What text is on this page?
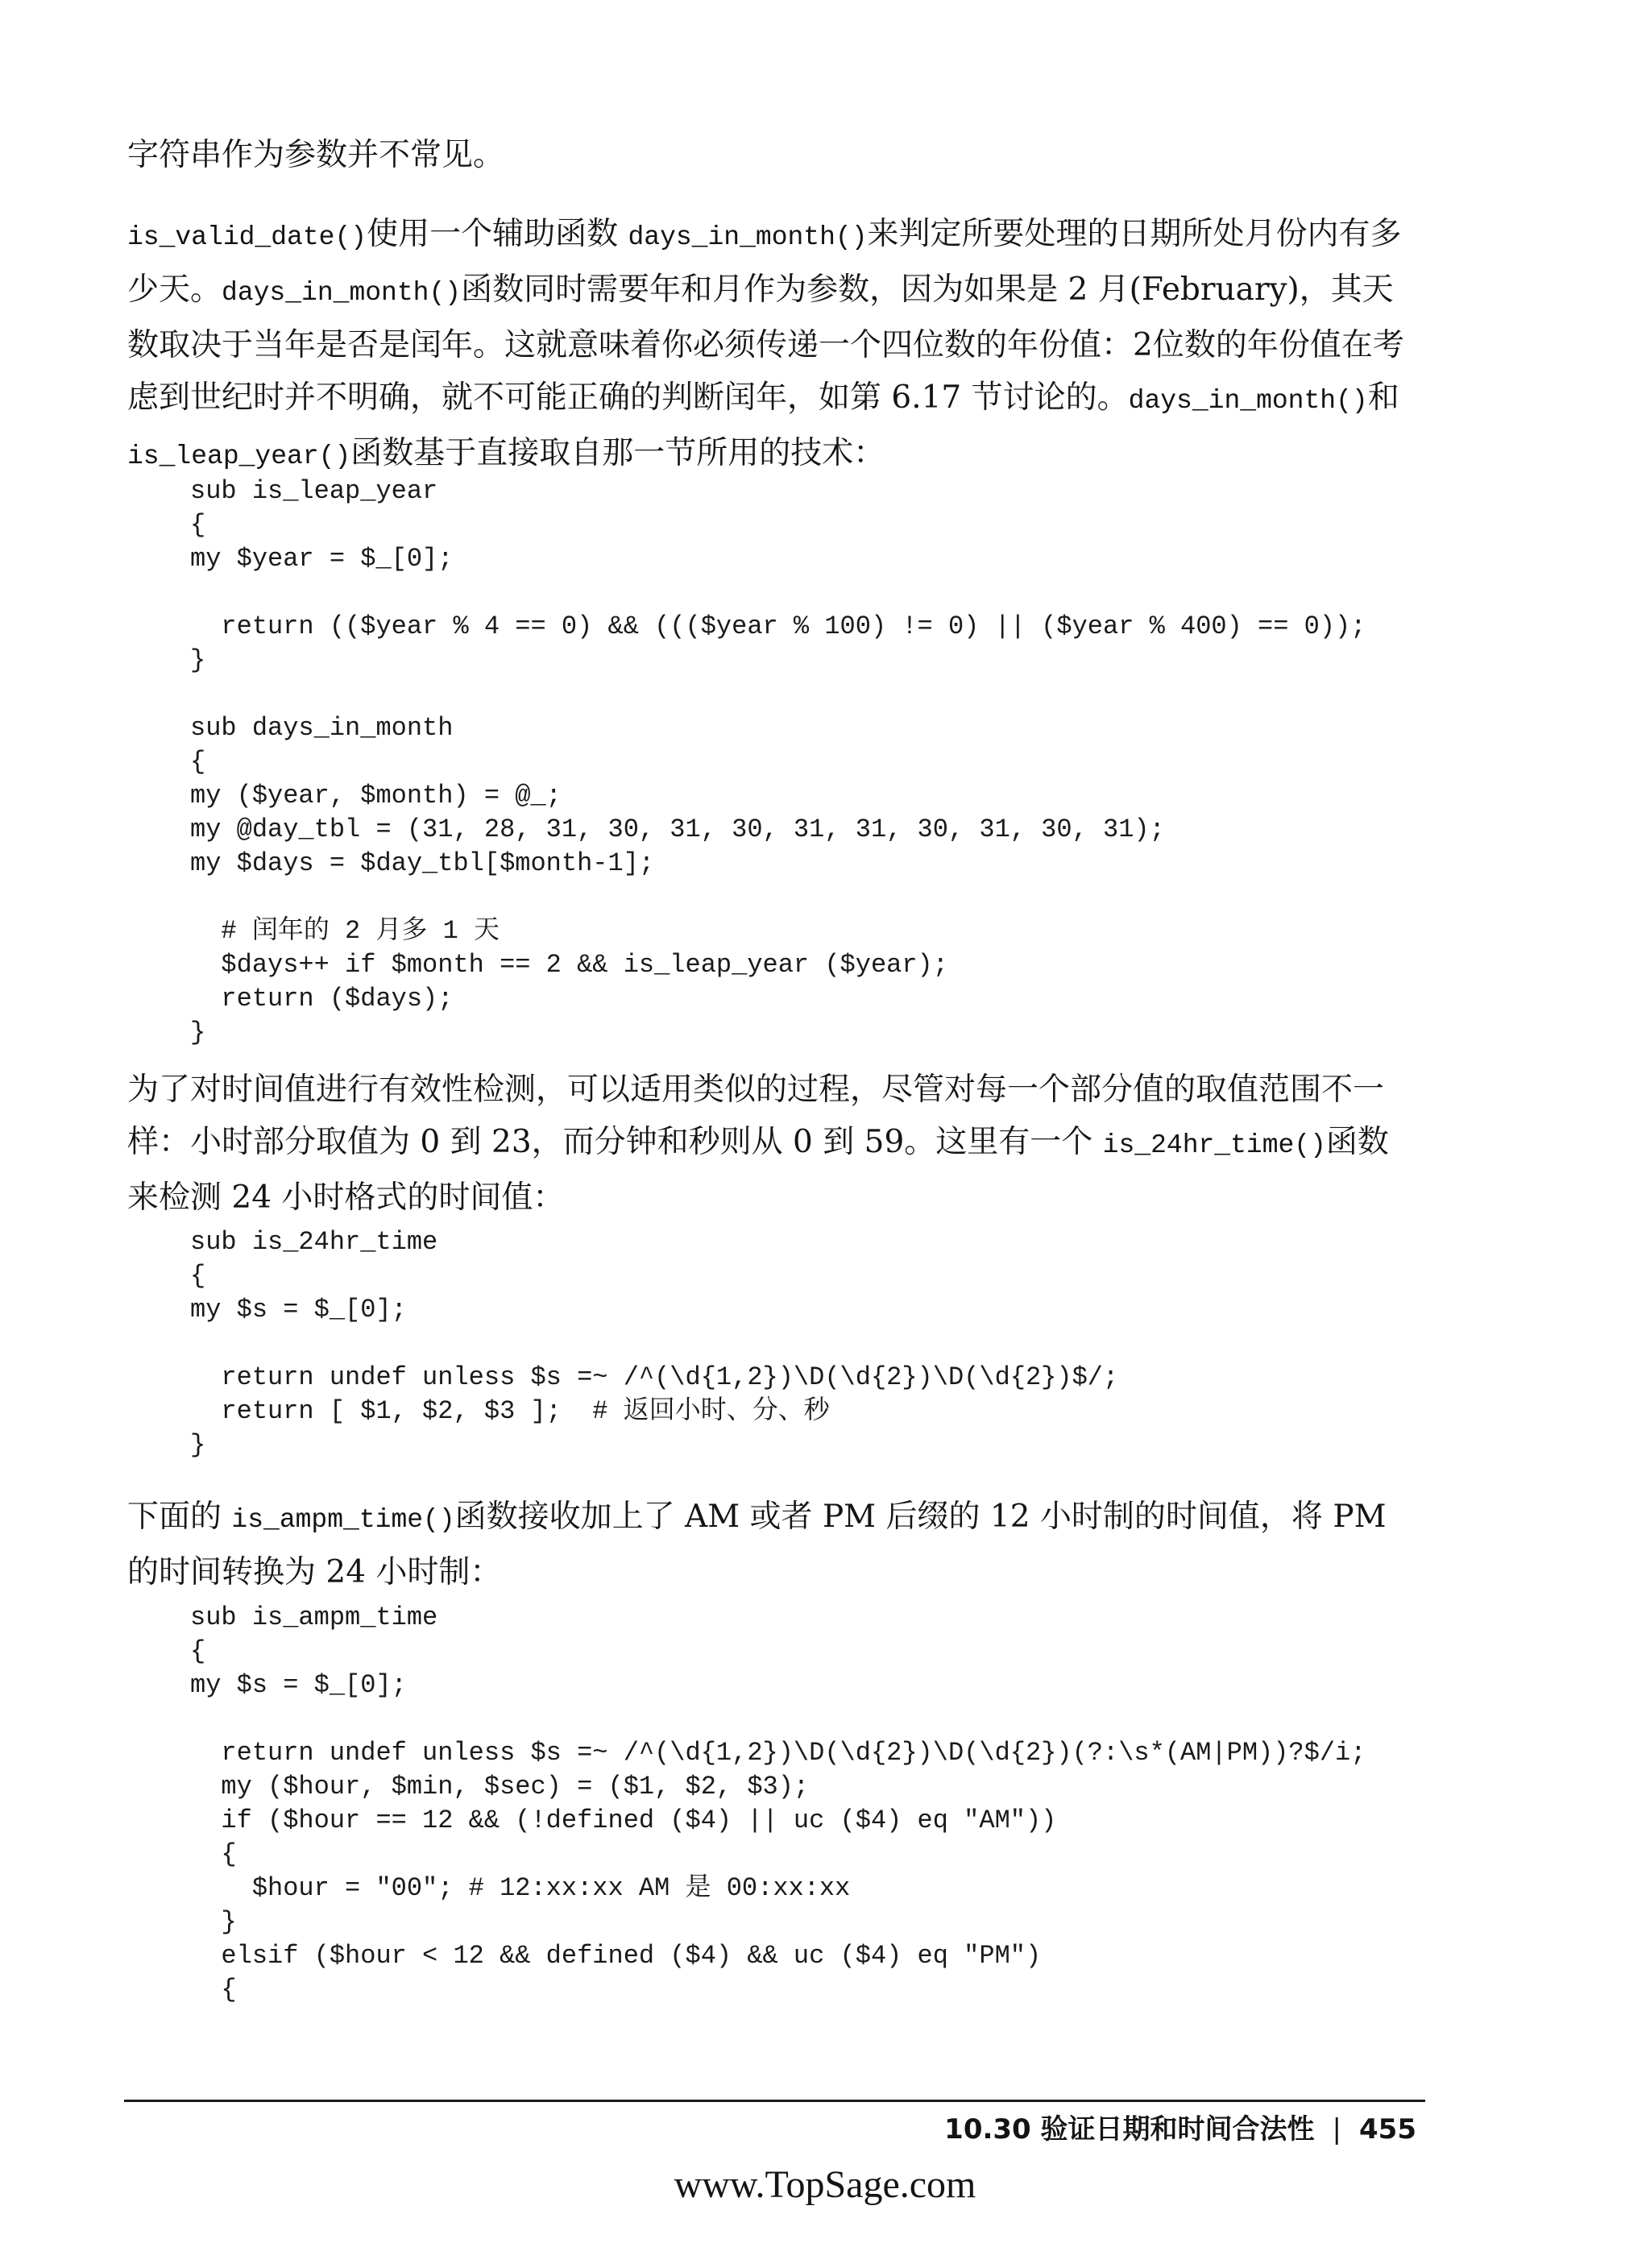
字符串作为参数并不常见。

is_valid_date()使用一个辅助函数 days_in_month()来判定所要处理的日期所处月份内有多少天。days_in_month()函数同时需要年和月作为参数，因为如果是 2 月(February)，其天数取决于当年是否是闰年。这就意味着你必须传递一个四位数的年份值：2位数的年份值在考虑到世纪时并不明确，就不可能正确的判断闰年，如第 6.17 节讨论的。days_in_month()和 is_leap_year()函数基于直接取自那一节所用的技术：

sub is_leap_year
{
my $year = $_[0];

return (($year % 4 == 0) && ((($year % 100) != 0) || ($year % 400) == 0));
}

sub days_in_month
{
my ($year, $month) = @_;
my @day_tbl = (31, 28, 31, 30, 31, 30, 31, 31, 30, 31, 30, 31);
my $days = $day_tbl[$month-1];

# 闰年的 2 月多 1 天
$days++ if $month == 2 && is_leap_year ($year);
return ($days);
}

为了对时间值进行有效性检测，可以适用类似的过程，尽管对每一个部分值的取值范围不一样：小时部分取值为 0 到 23，而分钟和秒则从 0 到 59。这里有一个 is_24hr_time()函数来检测 24 小时格式的时间值：

sub is_24hr_time
{
my $s = $_[0];

return undef unless $s =~ /^(\d{1,2})\D(\d{2})\D(\d{2})$/;
return [ $1, $2, $3 ];  # 返回小时、分、秒
}

下面的 is_ampm_time()函数接收加上了 AM 或者 PM 后缀的 12 小时制的时间值，将 PM 的时间转换为 24 小时制：

sub is_ampm_time
{
my $s = $_[0];

return undef unless $s =~ /^(\d{1,2})\D(\d{2})\D(\d{2})(?:\s*(AM|PM))?$/i;
my ($hour, $min, $sec) = ($1, $2, $3);
if ($hour == 12 && (!defined ($4) || uc ($4) eq "AM"))
{
$hour = "00"; # 12:xx:xx AM 是 00:xx:xx
}
elsif ($hour < 12 && defined ($4) && uc ($4) eq "PM")
{
10.30 验证日期和时间合法性 | 455
www.TopSage.com
